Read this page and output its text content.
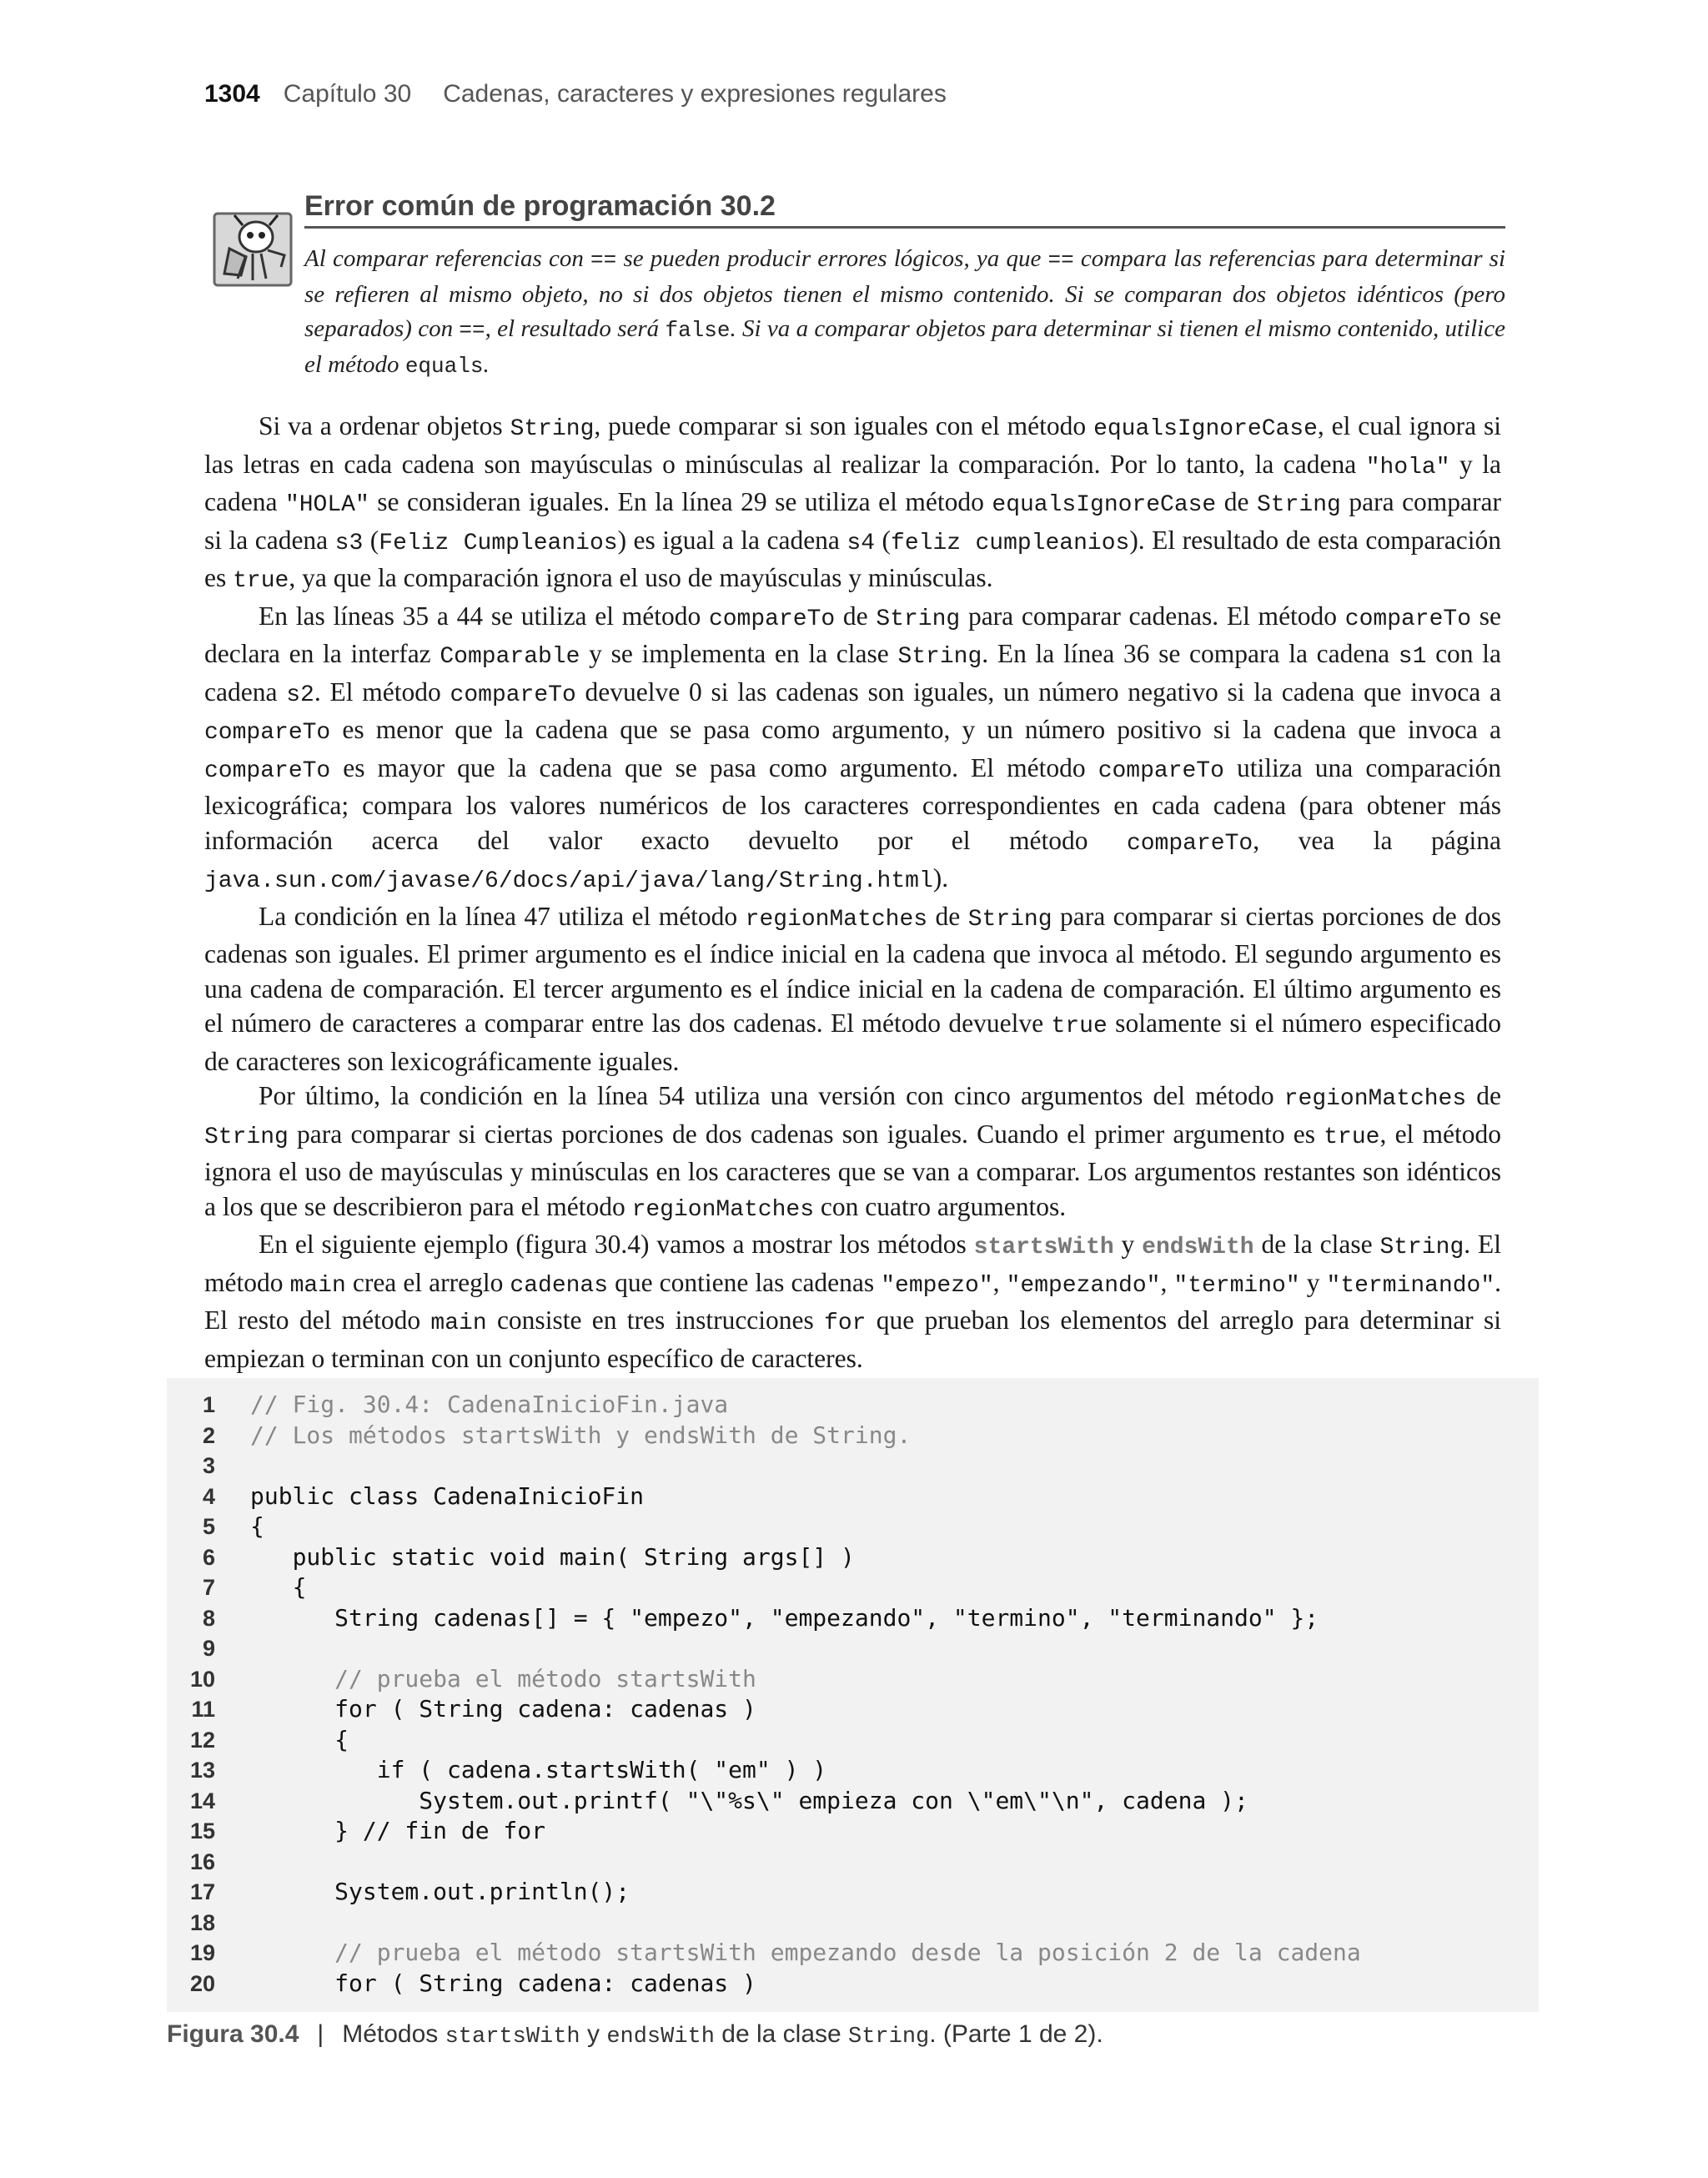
1304 Capítulo 30 Cadenas, caracteres y expresiones regulares
Error común de programación 30.2
Al comparar referencias con == se pueden producir errores lógicos, ya que == compara las referencias para determinar si se refieren al mismo objeto, no si dos objetos tienen el mismo contenido. Si se comparan dos objetos idénticos (pero separados) con ==, el resultado será false. Si va a comparar objetos para determinar si tienen el mismo contenido, utilice el método equals.

Si va a ordenar objetos String, puede comparar si son iguales con el método equalsIgnoreCase, el cual ignora si las letras en cada cadena son mayúsculas o minúsculas al realizar la comparación. Por lo tanto, la cadena "hola" y la cadena "HOLA" se consideran iguales. En la línea 29 se utiliza el método equalsIgnoreCase de String para comparar si la cadena s3 (Feliz Cumpleanios) es igual a la cadena s4 (feliz cumpleanios). El resultado de esta comparación es true, ya que la comparación ignora el uso de mayúsculas y minúsculas.

En las líneas 35 a 44 se utiliza el método compareTo de String para comparar cadenas. El método compareTo se declara en la interfaz Comparable y se implementa en la clase String. En la línea 36 se compara la cadena s1 con la cadena s2. El método compareTo devuelve 0 si las cadenas son iguales, un número negativo si la cadena que invoca a compareTo es menor que la cadena que se pasa como argumento, y un número positivo si la cadena que invoca a compareTo es mayor que la cadena que se pasa como argumento. El método compareTo utiliza una comparación lexicográfica; compara los valores numéricos de los caracteres correspondientes en cada cadena (para obtener más información acerca del valor exacto devuelto por el método compareTo, vea la página java.sun.com/javase/6/docs/api/java/lang/String.html).

La condición en la línea 47 utiliza el método regionMatches de String para comparar si ciertas porciones de dos cadenas son iguales. El primer argumento es el índice inicial en la cadena que invoca al método. El segundo argumento es una cadena de comparación. El tercer argumento es el índice inicial en la cadena de comparación. El último argumento es el número de caracteres a comparar entre las dos cadenas. El método devuelve true solamente si el número especificado de caracteres son lexicográficamente iguales.

Por último, la condición en la línea 54 utiliza una versión con cinco argumentos del método regionMatches de String para comparar si ciertas porciones de dos cadenas son iguales. Cuando el primer argumento es true, el método ignora el uso de mayúsculas y minúsculas en los caracteres que se van a comparar. Los argumentos restantes son idénticos a los que se describieron para el método regionMatches con cuatro argumentos.

En el siguiente ejemplo (figura 30.4) vamos a mostrar los métodos startsWith y endsWith de la clase String. El método main crea el arreglo cadenas que contiene las cadenas "empezo", "empezando", "termino" y "terminando". El resto del método main consiste en tres instrucciones for que prueban los elementos del arreglo para determinar si empiezan o terminan con un conjunto específico de caracteres.

1 // Fig. 30.4: CadenaInicioFin.java
2 // Los métodos startsWith y endsWith de String.
3
4 public class CadenaInicioFin
5 {
6 public static void main( String args[] )
7 {
8 String cadenas[] = { "empezo", "empezando", "termino", "terminando" };
9
10 // prueba el método startsWith
11 for ( String cadena: cadenas )
12 {
13 if ( cadena.startsWith( "em" ) )
14 System.out.printf( "\"%s\" empieza con \"em\"\n", cadena );
15 } // fin de for
16
17 System.out.println();
18
19 // prueba el método startsWith empezando desde la posición 2 de la cadena
20 for ( String cadena: cadenas )
Figura 30.4 | Métodos startsWith y endsWith de la clase String. (Parte 1 de 2).
